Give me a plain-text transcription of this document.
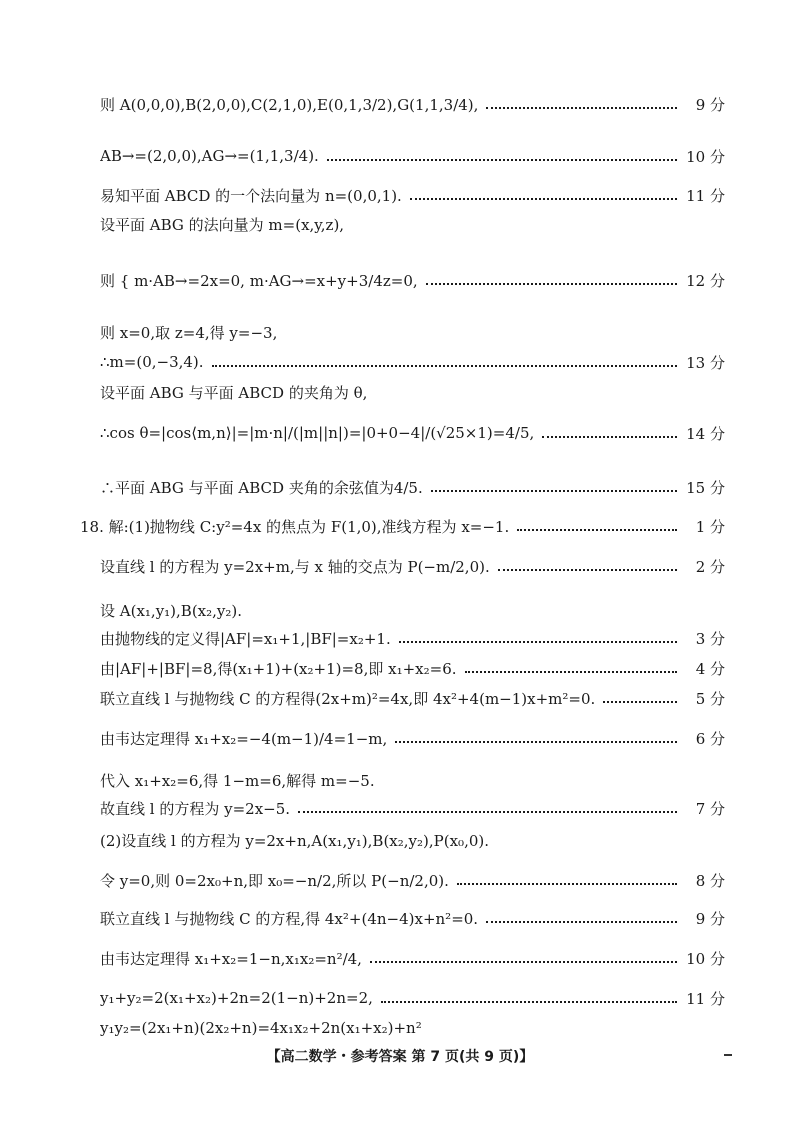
则 A(0,0,0),B(2,0,0),C(2,1,0),E(0,1,3/2),G(1,1,3/4),	9 分
AB→=(2,0,0),AG→=(1,1,3/4).	10 分
易知平面 ABCD 的一个法向量为 n=(0,0,1).	11 分
设平面 ABG 的法向量为 m=(x,y,z),
则 { m·AB→=2x=0, m·AG→=x+y+3/4z=0,	12 分
则 x=0,取 z=4,得 y=−3,
∴m=(0,−3,4).	13 分
设平面 ABG 与平面 ABCD 的夹角为 θ,
∴cos θ=|cos⟨m,n⟩|=|m·n|/(|m||n|)=|0+0−4|/(√25×1)=4/5,	14 分
∴平面 ABG 与平面 ABCD 夹角的余弦值为4/5.	15 分
18. 解:(1)抛物线 C:y²=4x 的焦点为 F(1,0),准线方程为 x=−1.	1 分
设直线 l 的方程为 y=2x+m,与 x 轴的交点为 P(−m/2,0).	2 分
设 A(x₁,y₁),B(x₂,y₂).
由抛物线的定义得|AF|=x₁+1,|BF|=x₂+1.	3 分
由|AF|+|BF|=8,得(x₁+1)+(x₂+1)=8,即 x₁+x₂=6.	4 分
联立直线 l 与抛物线 C 的方程得(2x+m)²=4x,即 4x²+4(m−1)x+m²=0.	5 分
由韦达定理得 x₁+x₂=−4(m−1)/4=1−m,	6 分
代入 x₁+x₂=6,得 1−m=6,解得 m=−5.
故直线 l 的方程为 y=2x−5.	7 分
(2)设直线 l 的方程为 y=2x+n,A(x₁,y₁),B(x₂,y₂),P(x₀,0).
令 y=0,则 0=2x₀+n,即 x₀=−n/2,所以 P(−n/2,0).	8 分
联立直线 l 与抛物线 C 的方程,得 4x²+(4n−4)x+n²=0.	9 分
由韦达定理得 x₁+x₂=1−n,x₁x₂=n²/4,	10 分
y₁+y₂=2(x₁+x₂)+2n=2(1−n)+2n=2,	11 分
y₁y₂=(2x₁+n)(2x₂+n)=4x₁x₂+2n(x₁+x₂)+n²
【高二数学・参考答案 第 7 页(共 9 页)】
